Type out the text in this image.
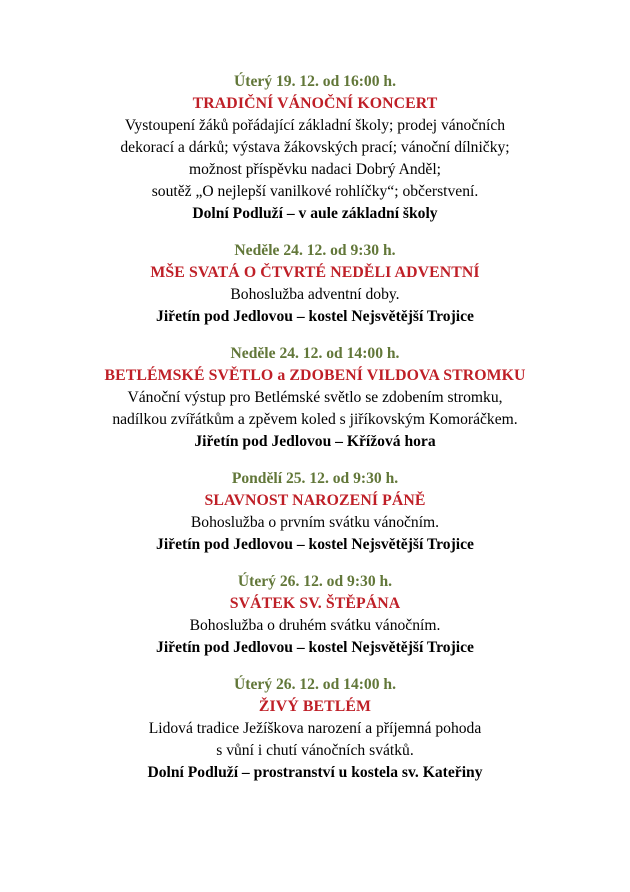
Úterý 19. 12. od 16:00 h.
TRADIČNÍ VÁNOČNÍ KONCERT
Vystoupení žáků pořádající základní školy; prodej vánočních
dekorací a dárků; výstava žákovských prací; vánoční dílničky;
možnost příspěvku nadaci Dobrý Anděl;
soutěž „O nejlepší vanilkové rohlíčky“; občerstvení.
Dolní Podluží – v aule základní školy
Neděle 24. 12. od 9:30 h.
MŠE SVATÁ O ČTVRTÉ NEDĚLI ADVENTNÍ
Bohoslužba adventní doby.
Jiřetín pod Jedlovou – kostel Nejsvětější Trojice
Neděle 24. 12. od 14:00 h.
BETLÉMSKÉ SVĚTLO a ZDOBENÍ VILDOVA STROMKU
Vánoční výstup pro Betlémské světlo se zdobením stromku,
nadílkou zvířátkům a zpěvem koled s jiříkovským Komoráčkem.
Jiřetín pod Jedlovou – Křížová hora
Pondělí 25. 12. od 9:30 h.
SLAVNOST NAROZENÍ PÁNĚ
Bohoslužba o prvním svátku vánočním.
Jiřetín pod Jedlovou – kostel Nejsvětější Trojice
Úterý 26. 12. od 9:30 h.
SVÁTEK SV. ŠTĚPÁNA
Bohoslužba o druhém svátku vánočním.
Jiřetín pod Jedlovou – kostel Nejsvětější Trojice
Úterý 26. 12. od 14:00 h.
ŽIVÝ BETLÉM
Lidová tradice Ježíškova narození a příjemná pohoda
s vůní i chutí vánočních svátků.
Dolní Podluží – prostranství u kostela sv. Kateřiny
